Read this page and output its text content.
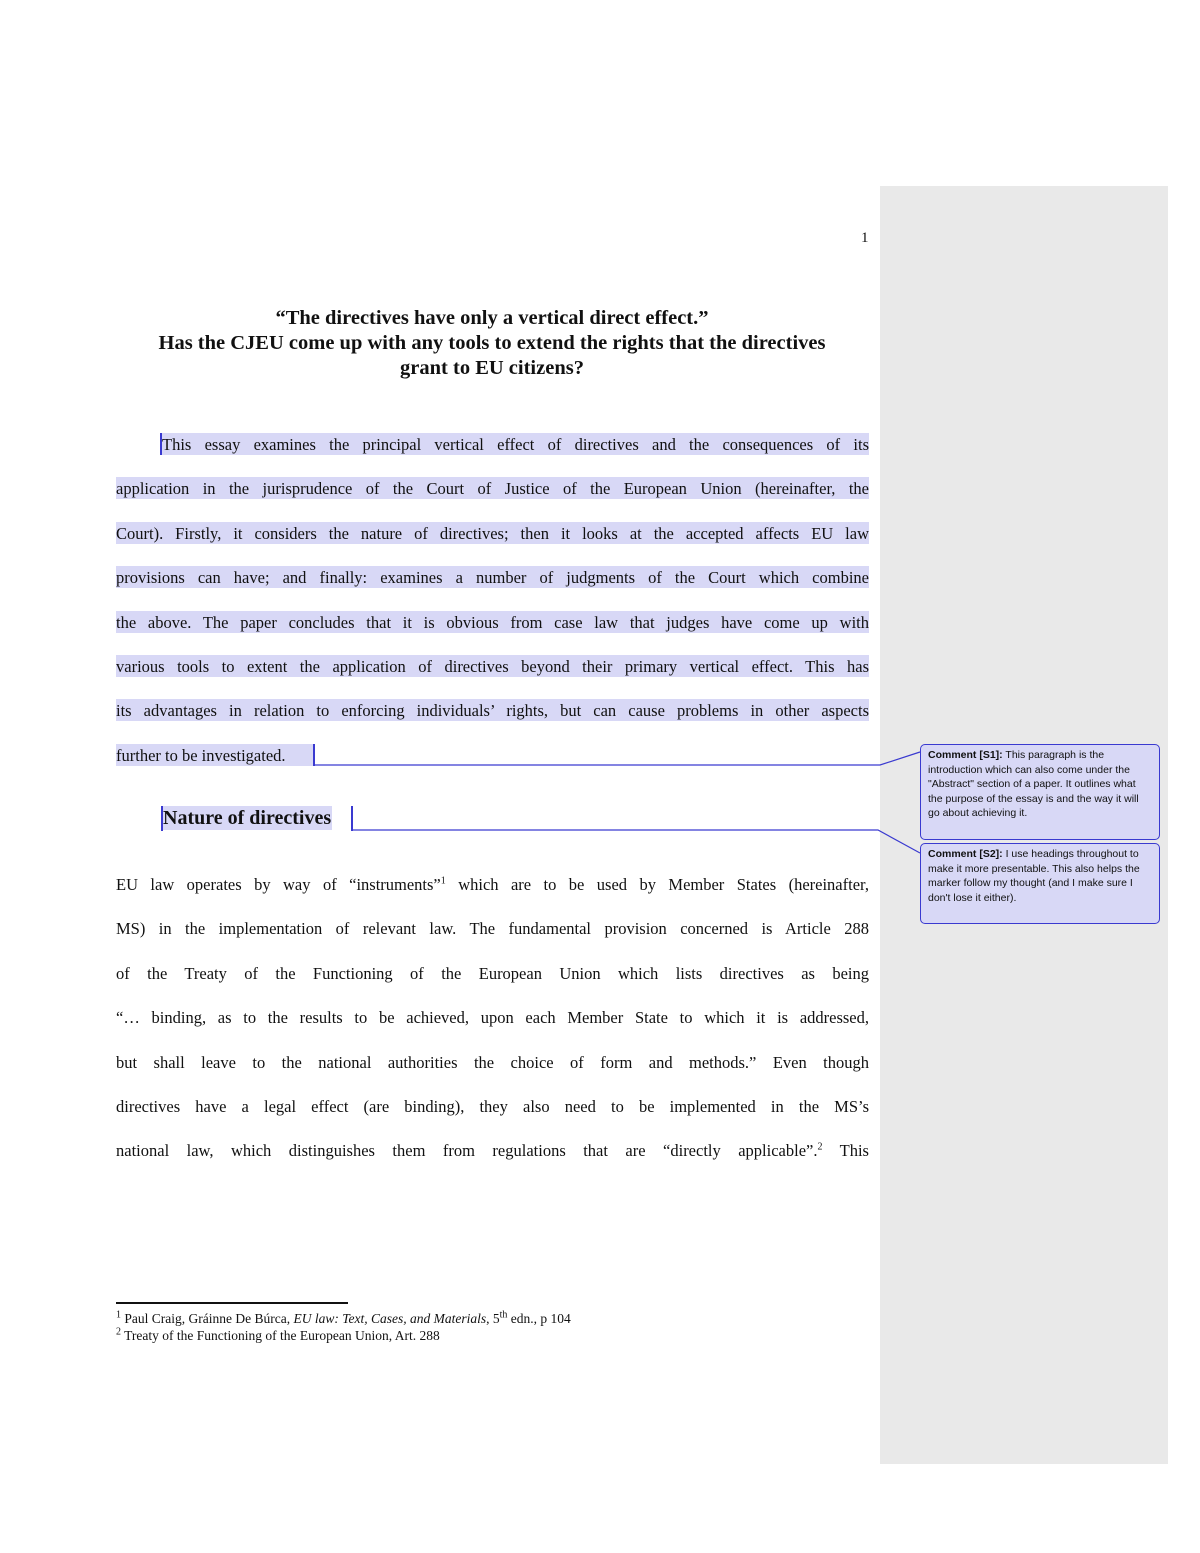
1
“The directives have only a vertical direct effect.”
Has the CJEU come up with any tools to extend the rights that the directives
grant to EU citizens?
This essay examines the principal vertical effect of directives and the consequences of its
application in the jurisprudence of the Court of Justice of the European Union (hereinafter, the
Court). Firstly, it considers the nature of directives; then it looks at the accepted affects EU law
provisions can have; and finally: examines a number of judgments of the Court which combine
the above. The paper concludes that it is obvious from case law that judges have come up with
various tools to extent the application of directives beyond their primary vertical effect. This has
its advantages in relation to enforcing individuals’ rights, but can cause problems in other aspects
further to be investigated.
Nature of directives
EU law operates by way of “instruments”$^1$ which are to be used by Member States (hereinafter,
MS) in the implementation of relevant law. The fundamental provision concerned is Article 288
of the Treaty of the Functioning of the European Union which lists directives as being
“… binding, as to the results to be achieved, upon each Member State to which it is addressed,
but shall leave to the national authorities the choice of form and methods.” Even though
directives have a legal effect (are binding), they also need to be implemented in the MS’s
national law, which distinguishes them from regulations that are “directly applicable”.$^2$ This
$^1$ Paul Craig, Gráinne De Búrca, EU law: Text, Cases, and Materials, 5th edn., p 104
$^2$ Treaty of the Functioning of the European Union, Art. 288
Comment [S1]: This paragraph is the introduction which can also come under the "Abstract" section of a paper. It outlines what the purpose of the essay is and the way it will go about achieving it.
Comment [S2]: I use headings throughout to make it more presentable. This also helps the marker follow my thought (and I make sure I don't lose it either).
